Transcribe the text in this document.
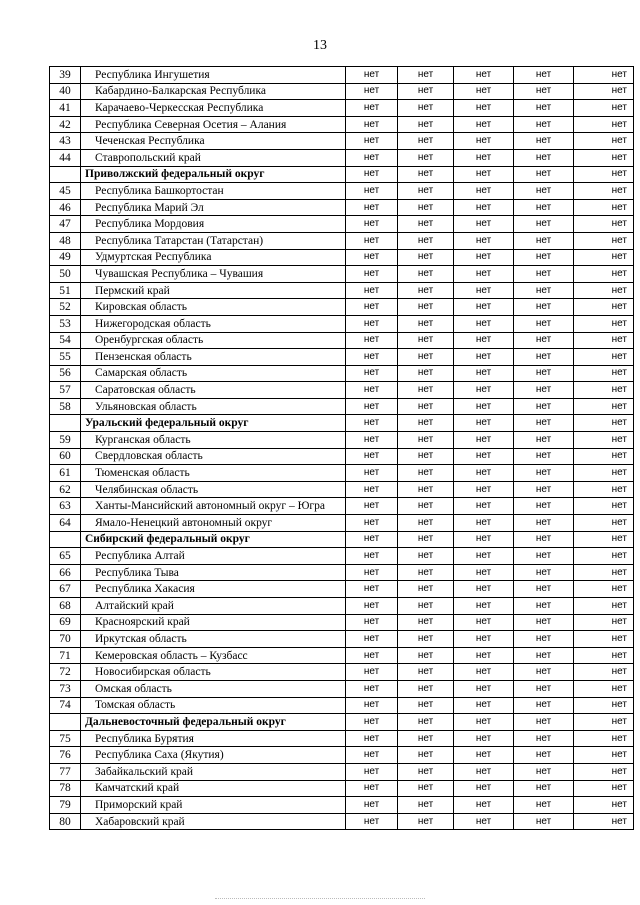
13
39	Республика Ингушетия	нет	нет	нет	нет	нет
40	Кабардино-Балкарская Республика	нет	нет	нет	нет	нет
41	Карачаево-Черкесская Республика	нет	нет	нет	нет	нет
42	Республика Северная Осетия – Алания	нет	нет	нет	нет	нет
43	Чеченская Республика	нет	нет	нет	нет	нет
44	Ставропольский край	нет	нет	нет	нет	нет
	Приволжский федеральный округ	нет	нет	нет	нет	нет
45	Республика Башкортостан	нет	нет	нет	нет	нет
46	Республика Марий Эл	нет	нет	нет	нет	нет
47	Республика Мордовия	нет	нет	нет	нет	нет
48	Республика Татарстан (Татарстан)	нет	нет	нет	нет	нет
49	Удмуртская Республика	нет	нет	нет	нет	нет
50	Чувашская Республика – Чувашия	нет	нет	нет	нет	нет
51	Пермский край	нет	нет	нет	нет	нет
52	Кировская область	нет	нет	нет	нет	нет
53	Нижегородская область	нет	нет	нет	нет	нет
54	Оренбургская область	нет	нет	нет	нет	нет
55	Пензенская область	нет	нет	нет	нет	нет
56	Самарская область	нет	нет	нет	нет	нет
57	Саратовская область	нет	нет	нет	нет	нет
58	Ульяновская область	нет	нет	нет	нет	нет
	Уральский федеральный округ	нет	нет	нет	нет	нет
59	Курганская область	нет	нет	нет	нет	нет
60	Свердловская область	нет	нет	нет	нет	нет
61	Тюменская область	нет	нет	нет	нет	нет
62	Челябинская область	нет	нет	нет	нет	нет
63	Ханты-Мансийский автономный округ – Югра	нет	нет	нет	нет	нет
64	Ямало-Ненецкий автономный округ	нет	нет	нет	нет	нет
	Сибирский федеральный округ	нет	нет	нет	нет	нет
65	Республика Алтай	нет	нет	нет	нет	нет
66	Республика Тыва	нет	нет	нет	нет	нет
67	Республика Хакасия	нет	нет	нет	нет	нет
68	Алтайский край	нет	нет	нет	нет	нет
69	Красноярский край	нет	нет	нет	нет	нет
70	Иркутская область	нет	нет	нет	нет	нет
71	Кемеровская область – Кузбасс	нет	нет	нет	нет	нет
72	Новосибирская область	нет	нет	нет	нет	нет
73	Омская область	нет	нет	нет	нет	нет
74	Томская область	нет	нет	нет	нет	нет
	Дальневосточный федеральный округ	нет	нет	нет	нет	нет
75	Республика Бурятия	нет	нет	нет	нет	нет
76	Республика Саха (Якутия)	нет	нет	нет	нет	нет
77	Забайкальский край	нет	нет	нет	нет	нет
78	Камчатский край	нет	нет	нет	нет	нет
79	Приморский край	нет	нет	нет	нет	нет
80	Хабаровский край	нет	нет	нет	нет	нет
